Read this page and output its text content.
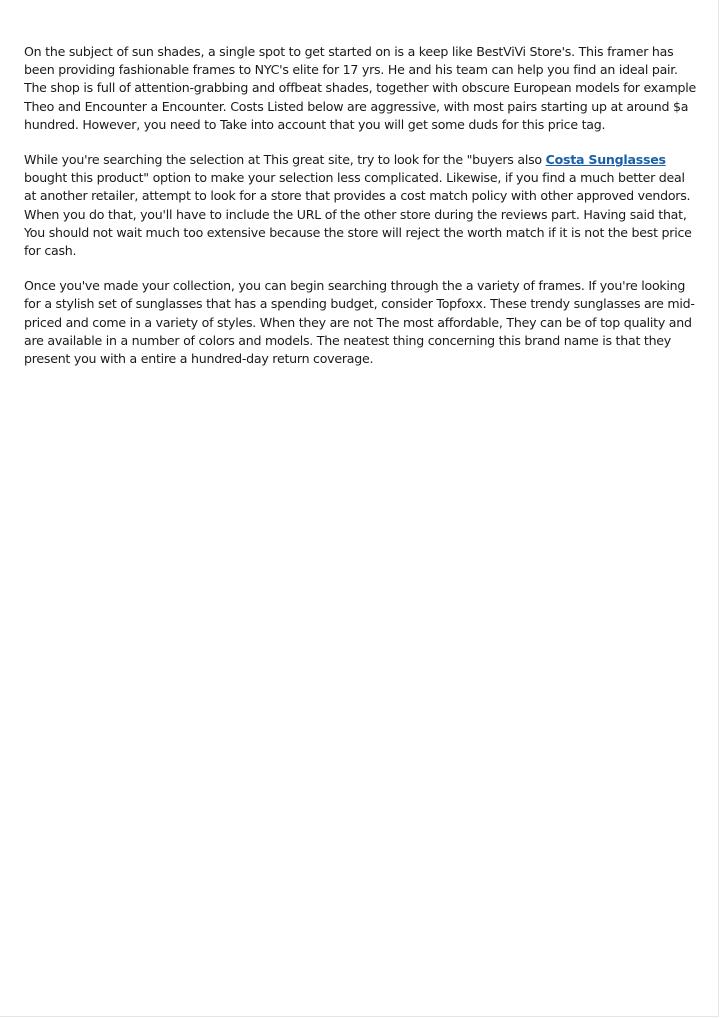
On the subject of sun shades, a single spot to get started on is a keep like BestViVi Store's. This framer has been providing fashionable frames to NYC's elite for 17 yrs. He and his team can help you find an ideal pair. The shop is full of attention-grabbing and offbeat shades, together with obscure European models for example Theo and Encounter a Encounter. Costs Listed below are aggressive, with most pairs starting up at around $a hundred. However, you need to Take into account that you will get some duds for this price tag.

While you're searching the selection at This great site, try to look for the "buyers also Costa Sunglasses bought this product" option to make your selection less complicated. Likewise, if you find a much better deal at another retailer, attempt to look for a store that provides a cost match policy with other approved vendors. When you do that, you'll have to include the URL of the other store during the reviews part. Having said that, You should not wait much too extensive because the store will reject the worth match if it is not the best price for cash.

Once you've made your collection, you can begin searching through the a variety of frames. If you're looking for a stylish set of sunglasses that has a spending budget, consider Topfoxx. These trendy sunglasses are mid-priced and come in a variety of styles. When they are not The most affordable, They can be of top quality and are available in a number of colors and models. The neatest thing concerning this brand name is that they present you with a entire a hundred-day return coverage.
